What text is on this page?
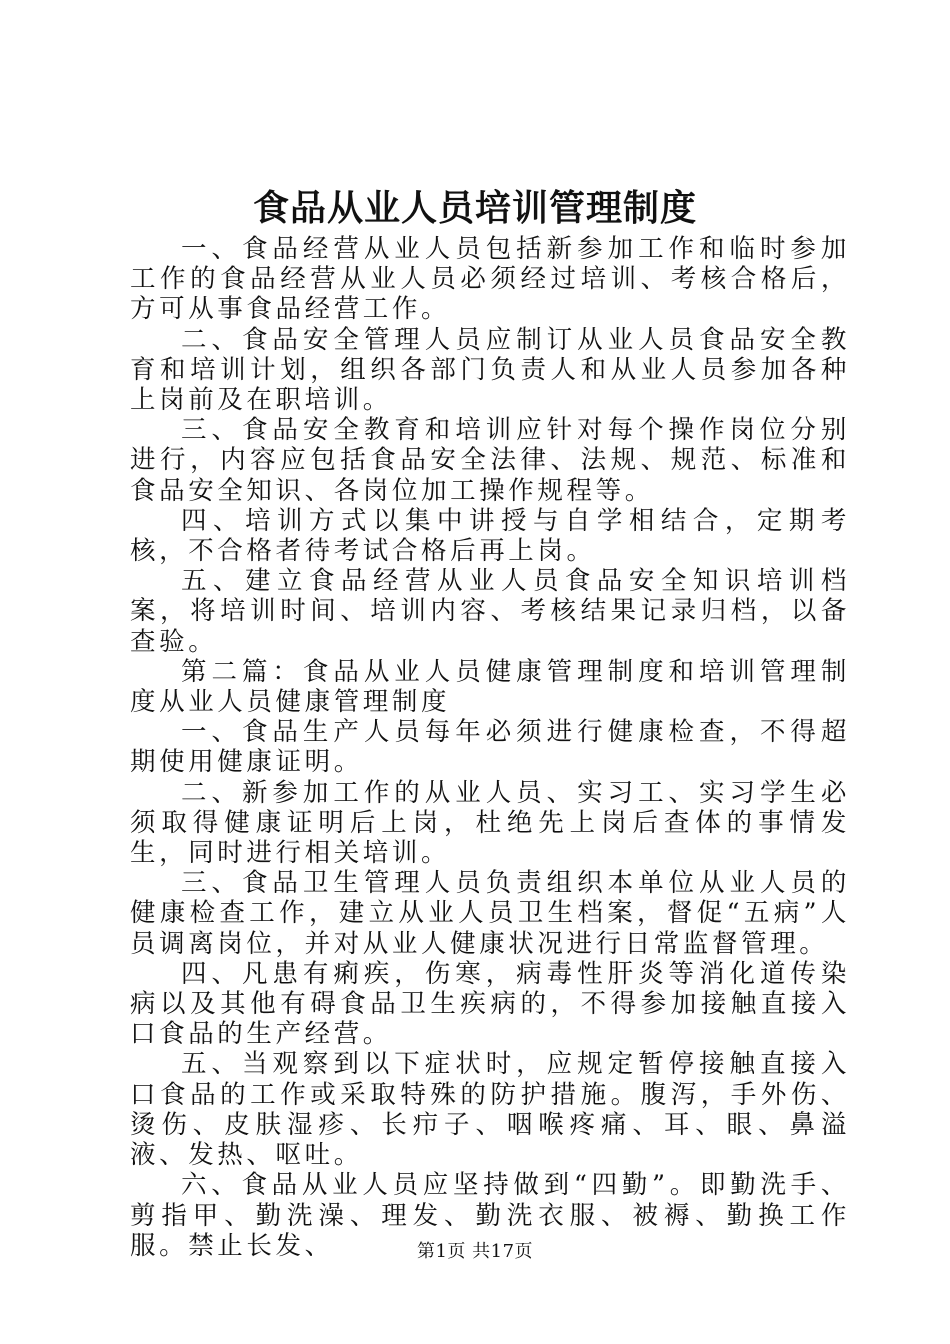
食品从业人员培训管理制度

一、食品经营从业人员包括新参加工作和临时参加工作的食品经营从业人员必须经过培训、考核合格后，方可从事食品经营工作。

二、食品安全管理人员应制订从业人员食品安全教育和培训计划，组织各部门负责人和从业人员参加各种上岗前及在职培训。

三、食品安全教育和培训应针对每个操作岗位分别进行，内容应包括食品安全法律、法规、规范、标准和食品安全知识、各岗位加工操作规程等。

四、培训方式以集中讲授与自学相结合，定期考核，不合格者待考试合格后再上岗。

五、建立食品经营从业人员食品安全知识培训档案，将培训时间、培训内容、考核结果记录归档，以备查验。

第二篇：食品从业人员健康管理制度和培训管理制度从业人员健康管理制度

一、食品生产人员每年必须进行健康检查，不得超期使用健康证明。

二、新参加工作的从业人员、实习工、实习学生必须取得健康证明后上岗，杜绝先上岗后查体的事情发生，同时进行相关培训。

三、食品卫生管理人员负责组织本单位从业人员的健康检查工作，建立从业人员卫生档案，督促“五病”人员调离岗位，并对从业人健康状况进行日常监督管理。

四、凡患有痢疾，伤寒，病毒性肝炎等消化道传染病以及其他有碍食品卫生疾病的，不得参加接触直接入口食品的生产经营。

五、当观察到以下症状时，应规定暂停接触直接入口食品的工作或采取特殊的防护措施。腹泻，手外伤、烫伤、皮肤湿疹、长疖子、咽喉疼痛、耳、眼、鼻溢液、发热、呕吐。

六、食品从业人员应坚持做到“四勤”。即勤洗手、剪指甲、勤洗澡、理发、勤洗衣服、被褥、勤换工作服。禁止长发、	第1页 共17页
